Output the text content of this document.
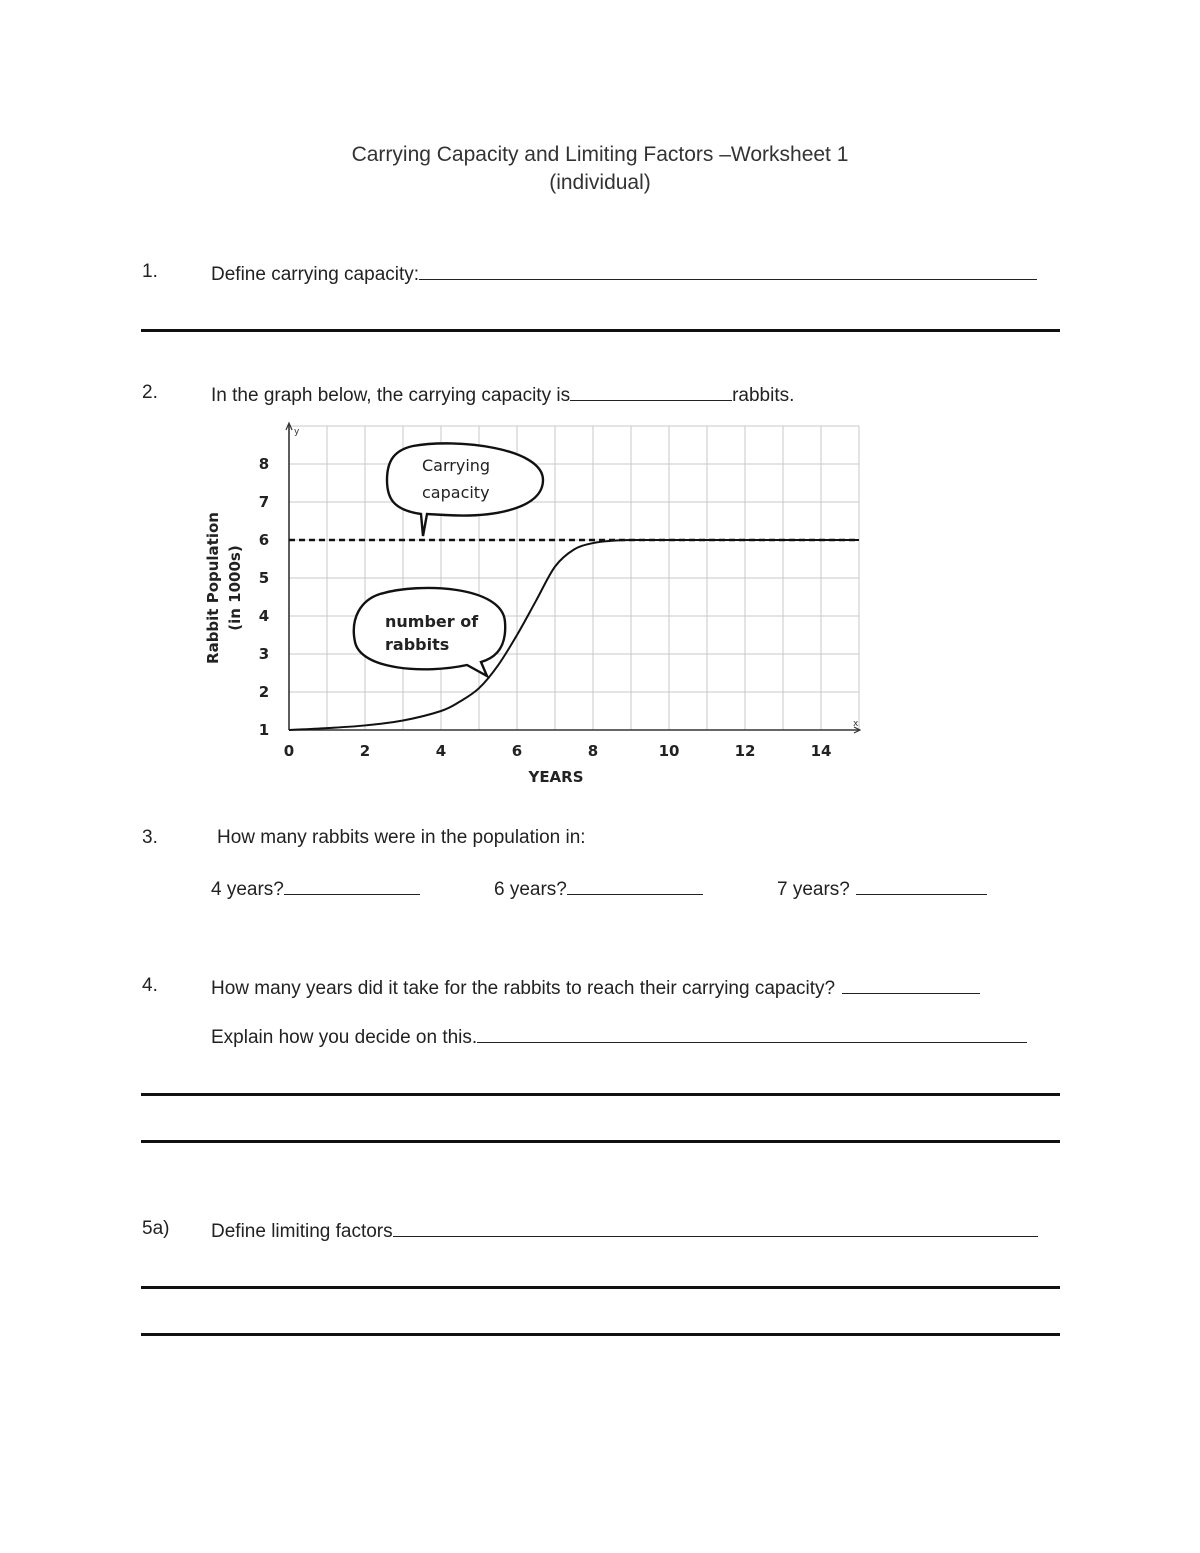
Carrying Capacity and Limiting Factors –Worksheet 1
(individual)
1.	Define carrying capacity:
2.	In the graph below, the carrying capacity is	rabbits.
y
x
0	2	4	6	8	10	12	14
1
2
3
4
5
6
7
8
YEARS
Rabbit Population (in 1000s)
Carrying
capacity
number of
rabbits
3.	How many rabbits were in the population in:
4 years?	6 years?	7 years?
4.	How many years did it take for the rabbits to reach their carrying capacity?
Explain how you decide on this.
5a) Define limiting factors
